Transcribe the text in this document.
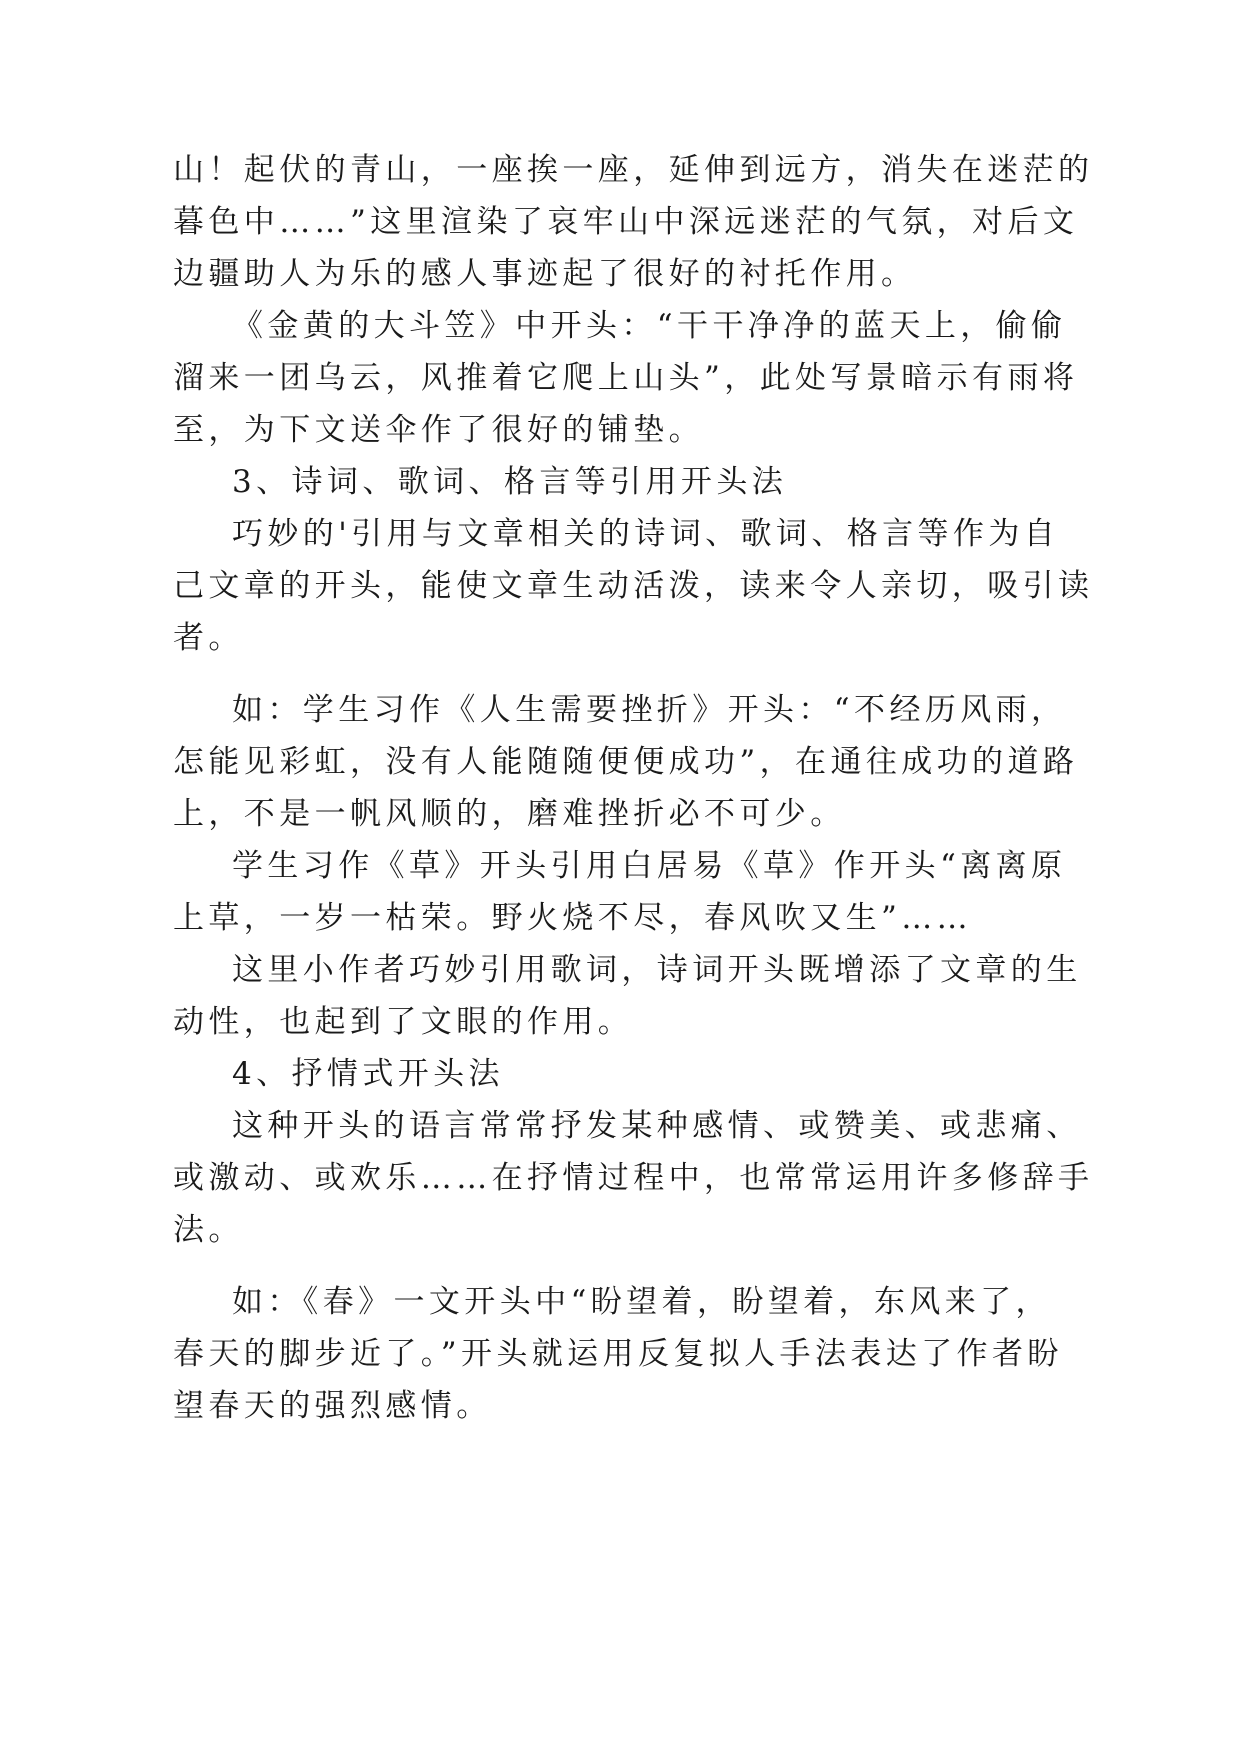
山！起伏的青山，一座挨一座，延伸到远方，消失在迷茫的
暮色中……”这里渲染了哀牢山中深远迷茫的气氛，对后文
边疆助人为乐的感人事迹起了很好的衬托作用。
《金黄的大斗笠》中开头：“干干净净的蓝天上，偷偷
溜来一团乌云，风推着它爬上山头”，此处写景暗示有雨将
至，为下文送伞作了很好的铺垫。
3、诗词、歌词、格言等引用开头法
巧妙的'引用与文章相关的诗词、歌词、格言等作为自
己文章的开头，能使文章生动活泼，读来令人亲切，吸引读
者。
如：学生习作《人生需要挫折》开头：“不经历风雨，
怎能见彩虹，没有人能随随便便成功”，在通往成功的道路
上，不是一帆风顺的，磨难挫折必不可少。
学生习作《草》开头引用白居易《草》作开头“离离原
上草，一岁一枯荣。野火烧不尽，春风吹又生”……
这里小作者巧妙引用歌词，诗词开头既增添了文章的生
动性，也起到了文眼的作用。
4、抒情式开头法
这种开头的语言常常抒发某种感情、或赞美、或悲痛、
或激动、或欢乐……在抒情过程中，也常常运用许多修辞手
法。
如：《春》一文开头中“盼望着，盼望着，东风来了，
春天的脚步近了。”开头就运用反复拟人手法表达了作者盼
望春天的强烈感情。
